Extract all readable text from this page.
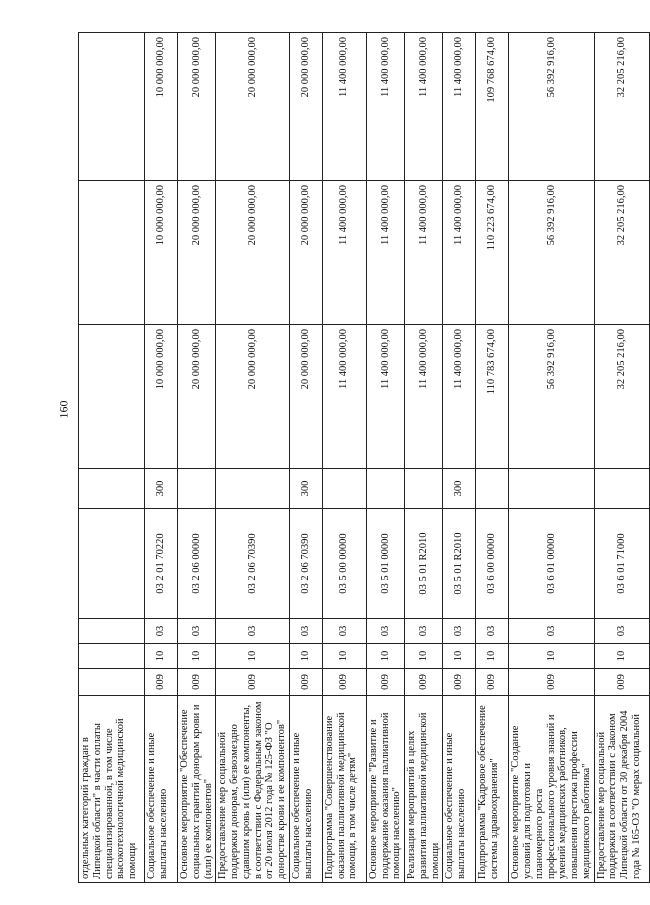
160
отдельных категорий граждан в Липецкой области" в части оплаты специализированной, в том числе высокотехнологичной медицинской помощи								
Социальное обеспечение и иные выплаты населению	009	10	03	03 2 01 70220	300	10 000 000,00	10 000 000,00	10 000 000,00
Основное мероприятие "Обеспечение социальных гарантий донорам крови и (или) ее компонентов"	009	10	03	03 2 06 00000		20 000 000,00	20 000 000,00	20 000 000,00
Предоставление мер социальной поддержки донорам, безвозмездно сдавшим кровь и (или) ее компоненты, в соответствии с Федеральным законом от 20 июля 2012 года № 125-ФЗ "О донорстве крови и ее компонентов"	009	10	03	03 2 06 70390		20 000 000,00	20 000 000,00	20 000 000,00
Социальное обеспечение и иные выплаты населению	009	10	03	03 2 06 70390	300	20 000 000,00	20 000 000,00	20 000 000,00
Подпрограмма "Совершенствование оказания паллиативной медицинской помощи, в том числе детям"	009	10	03	03 5 00 00000		11 400 000,00	11 400 000,00	11 400 000,00
Основное мероприятие "Развитие и поддержание оказания паллиативной помощи населению"	009	10	03	03 5 01 00000		11 400 000,00	11 400 000,00	11 400 000,00
Реализация мероприятий в целях развития паллиативной медицинской помощи	009	10	03	03 5 01 R2010		11 400 000,00	11 400 000,00	11 400 000,00
Социальное обеспечение и иные выплаты населению	009	10	03	03 5 01 R2010	300	11 400 000,00	11 400 000,00	11 400 000,00
Подпрограмма "Кадровое обеспечение системы здравоохранения"	009	10	03	03 6 00 00000		110 783 674,00	110 223 674,00	109 768 674,00
Основное мероприятие "Создание условий для подготовки и планомерного роста профессионального уровня знаний и умений медицинских работников, повышения престижа профессии медицинского работника"	009	10	03	03 6 01 00000		56 392 916,00	56 392 916,00	56 392 916,00
Предоставление мер социальной поддержки в соответствии с Законом Липецкой области от 30 декабря 2004 года № 165-ОЗ "О мерах социальной	009	10	03	03 6 01 71000		32 205 216,00	32 205 216,00	32 205 216,00
